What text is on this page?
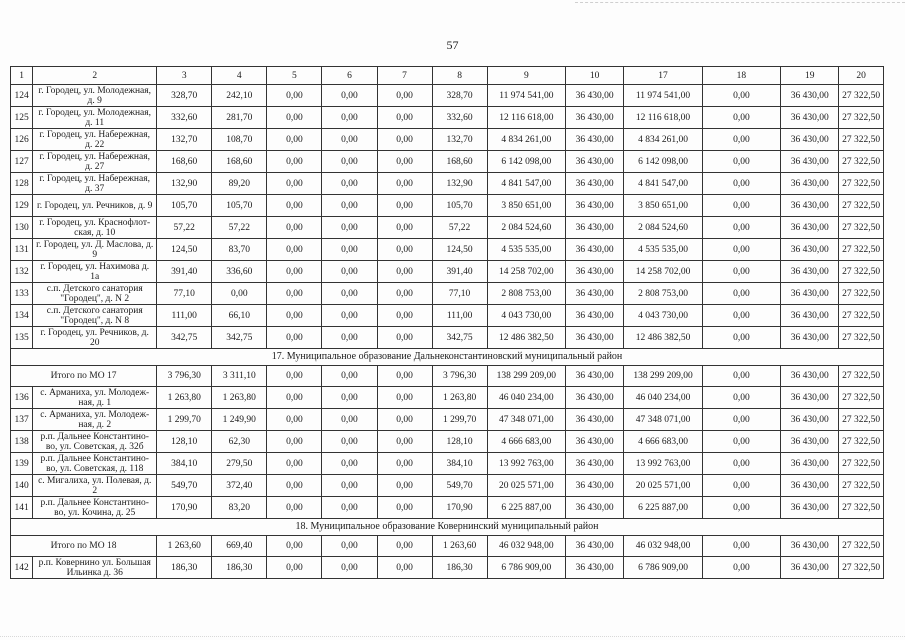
57
1	2	3	4	5	6	7	8	9	10	17	18	19	20
124	г. Городец, ул. Молодежная, д. 9	328,70	242,10	0,00	0,00	0,00	328,70	11 974 541,00	36 430,00	11 974 541,00	0,00	36 430,00	27 322,50
125	г. Городец, ул. Молодежная, д. 11	332,60	281,70	0,00	0,00	0,00	332,60	12 116 618,00	36 430,00	12 116 618,00	0,00	36 430,00	27 322,50
126	г. Городец, ул. Набережная, д. 22	132,70	108,70	0,00	0,00	0,00	132,70	4 834 261,00	36 430,00	4 834 261,00	0,00	36 430,00	27 322,50
127	г. Городец, ул. Набережная, д. 27	168,60	168,60	0,00	0,00	0,00	168,60	6 142 098,00	36 430,00	6 142 098,00	0,00	36 430,00	27 322,50
128	г. Городец, ул. Набережная, д. 37	132,90	89,20	0,00	0,00	0,00	132,90	4 841 547,00	36 430,00	4 841 547,00	0,00	36 430,00	27 322,50
129	г. Городец, ул. Речников, д. 9	105,70	105,70	0,00	0,00	0,00	105,70	3 850 651,00	36 430,00	3 850 651,00	0,00	36 430,00	27 322,50
130	г. Городец, ул. Краснофлот-ская, д. 10	57,22	57,22	0,00	0,00	0,00	57,22	2 084 524,60	36 430,00	2 084 524,60	0,00	36 430,00	27 322,50
131	г. Городец, ул. Д. Маслова, д. 9	124,50	83,70	0,00	0,00	0,00	124,50	4 535 535,00	36 430,00	4 535 535,00	0,00	36 430,00	27 322,50
132	г. Городец, ул. Нахимова д. 1а	391,40	336,60	0,00	0,00	0,00	391,40	14 258 702,00	36 430,00	14 258 702,00	0,00	36 430,00	27 322,50
133	с.п. Детского санатория "Городец", д. N 2	77,10	0,00	0,00	0,00	0,00	77,10	2 808 753,00	36 430,00	2 808 753,00	0,00	36 430,00	27 322,50
134	с.п. Детского санатория "Городец", д. N 8	111,00	66,10	0,00	0,00	0,00	111,00	4 043 730,00	36 430,00	4 043 730,00	0,00	36 430,00	27 322,50
135	г. Городец, ул. Речников, д. 20	342,75	342,75	0,00	0,00	0,00	342,75	12 486 382,50	36 430,00	12 486 382,50	0,00	36 430,00	27 322,50
17. Муниципальное образование Дальнеконстантиновский муниципальный район													
Итого по МО 17		3 796,30	3 311,10	0,00	0,00	0,00	3 796,30	138 299 209,00	36 430,00	138 299 209,00	0,00	36 430,00	27 322,50
136	с. Арманиха, ул. Молодеж-ная, д. 1	1 263,80	1 263,80	0,00	0,00	0,00	1 263,80	46 040 234,00	36 430,00	46 040 234,00	0,00	36 430,00	27 322,50
137	с. Арманиха, ул. Молодеж-ная, д. 2	1 299,70	1 249,90	0,00	0,00	0,00	1 299,70	47 348 071,00	36 430,00	47 348 071,00	0,00	36 430,00	27 322,50
138	р.п. Дальнее Константино-во, ул. Советская, д. 32б	128,10	62,30	0,00	0,00	0,00	128,10	4 666 683,00	36 430,00	4 666 683,00	0,00	36 430,00	27 322,50
139	р.п. Дальнее Константино-во, ул. Советская, д. 118	384,10	279,50	0,00	0,00	0,00	384,10	13 992 763,00	36 430,00	13 992 763,00	0,00	36 430,00	27 322,50
140	с. Мигалиха, ул. Полевая, д. 2	549,70	372,40	0,00	0,00	0,00	549,70	20 025 571,00	36 430,00	20 025 571,00	0,00	36 430,00	27 322,50
141	р.п. Дальнее Константино-во, ул. Кочина, д. 25	170,90	83,20	0,00	0,00	0,00	170,90	6 225 887,00	36 430,00	6 225 887,00	0,00	36 430,00	27 322,50
18. Муниципальное образование Ковернинский муниципальный район													
Итого по МО 18		1 263,60	669,40	0,00	0,00	0,00	1 263,60	46 032 948,00	36 430,00	46 032 948,00	0,00	36 430,00	27 322,50
142	р.п. Ковернино ул. Большая Ильинка д. 36	186,30	186,30	0,00	0,00	0,00	186,30	6 786 909,00	36 430,00	6 786 909,00	0,00	36 430,00	27 322,50
